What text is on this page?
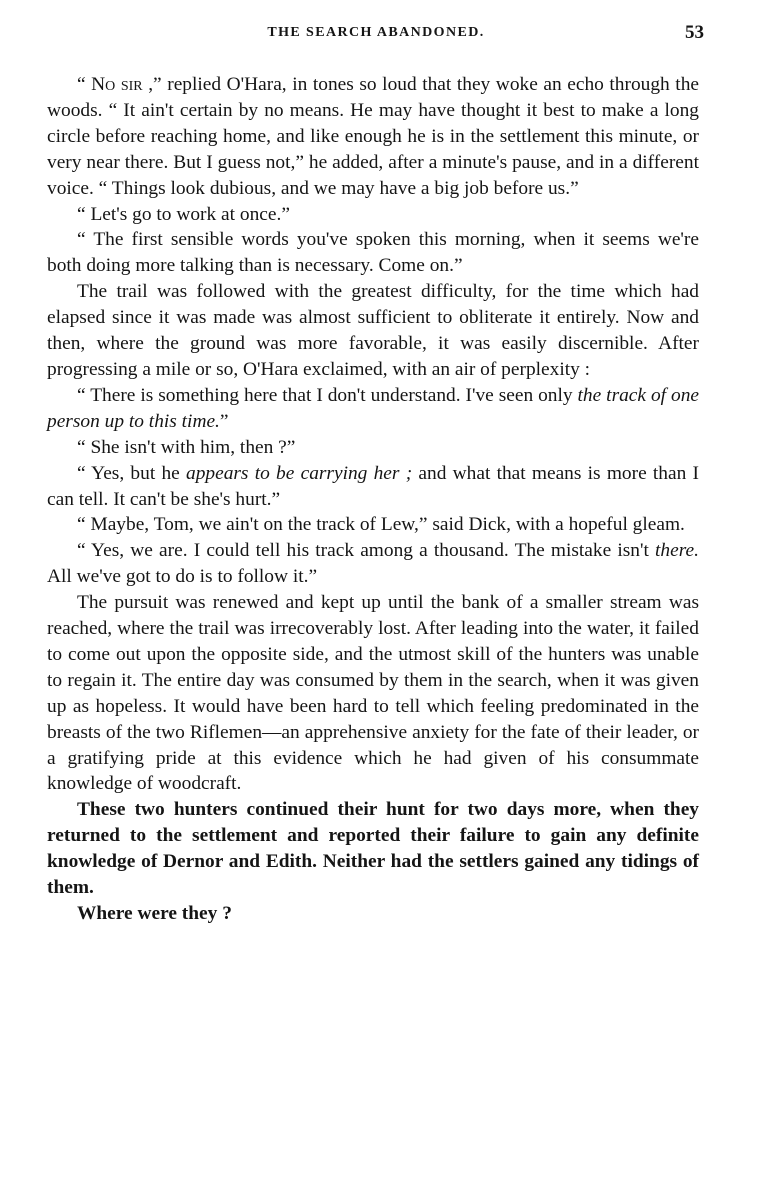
THE SEARCH ABANDONED.	53

“ No sir ,” replied O'Hara, in tones so loud that they woke an echo through the woods. “ It ain't certain by no means. He may have thought it best to make a long circle before reaching home, and like enough he is in the settlement this minute, or very near there. But I guess not,” he added, after a minute's pause, and in a different voice. “ Things look dubious, and we may have a big job before us.”

“ Let's go to work at once.”

“ The first sensible words you've spoken this morning, when it seems we're both doing more talking than is necessary. Come on.”

The trail was followed with the greatest difficulty, for the time which had elapsed since it was made was almost sufficient to obliterate it entirely. Now and then, where the ground was more favorable, it was easily discernible. After progressing a mile or so, O'Hara exclaimed, with an air of perplexity :

“ There is something here that I don't understand. I've seen only the track of one person up to this time.”

“ She isn't with him, then ?”

“ Yes, but he appears to be carrying her ; and what that means is more than I can tell. It can't be she's hurt.”

“ Maybe, Tom, we ain't on the track of Lew,” said Dick, with a hopeful gleam.

“ Yes, we are. I could tell his track among a thousand. The mistake isn't there. All we've got to do is to follow it.”

The pursuit was renewed and kept up until the bank of a smaller stream was reached, where the trail was irrecoverably lost. After leading into the water, it failed to come out upon the opposite side, and the utmost skill of the hunters was unable to regain it. The entire day was consumed by them in the search, when it was given up as hopeless. It would have been hard to tell which feeling predominated in the breasts of the two Riflemen—an apprehensive anxiety for the fate of their leader, or a gratifying pride at this evidence which he had given of his consummate knowledge of woodcraft.

These two hunters continued their hunt for two days more, when they returned to the settlement and reported their failure to gain any definite knowledge of Dernor and Edith. Neither had the settlers gained any tidings of them.

Where were they ?
